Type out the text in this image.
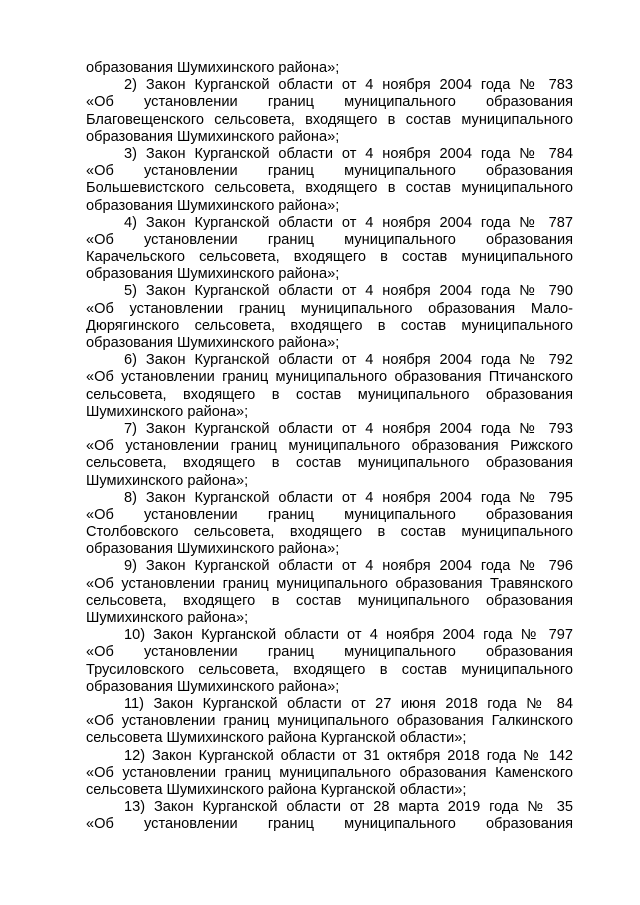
образования Шумихинского района»;
2) Закон Курганской области от 4 ноября 2004 года № 783
«Об установлении границ муниципального образования
Благовещенского сельсовета, входящего в состав муниципального
образования Шумихинского района»;
3) Закон Курганской области от 4 ноября 2004 года № 784
«Об установлении границ муниципального образования
Большевистского сельсовета, входящего в состав муниципального
образования Шумихинского района»;
4) Закон Курганской области от 4 ноября 2004 года № 787
«Об установлении границ муниципального образования
Карачельского сельсовета, входящего в состав муниципального
образования Шумихинского района»;
5) Закон Курганской области от 4 ноября 2004 года № 790
«Об установлении границ муниципального образования Мало-
Дюрягинского сельсовета, входящего в состав муниципального
образования Шумихинского района»;
6) Закон Курганской области от 4 ноября 2004 года № 792
«Об установлении границ муниципального образования Птичанского
сельсовета, входящего в состав муниципального образования
Шумихинского района»;
7) Закон Курганской области от 4 ноября 2004 года № 793
«Об установлении границ муниципального образования Рижского
сельсовета, входящего в состав муниципального образования
Шумихинского района»;
8) Закон Курганской области от 4 ноября 2004 года № 795
«Об установлении границ муниципального образования
Столбовского сельсовета, входящего в состав муниципального
образования Шумихинского района»;
9) Закон Курганской области от 4 ноября 2004 года № 796
«Об установлении границ муниципального образования Травянского
сельсовета, входящего в состав муниципального образования
Шумихинского района»;
10) Закон Курганской области от 4 ноября 2004 года № 797
«Об установлении границ муниципального образования
Трусиловского сельсовета, входящего в состав муниципального
образования Шумихинского района»;
11) Закон Курганской области от 27 июня 2018 года № 84
«Об установлении границ муниципального образования Галкинского
сельсовета Шумихинского района Курганской области»;
12) Закон Курганской области от 31 октября 2018 года № 142
«Об установлении границ муниципального образования Каменского
сельсовета Шумихинского района Курганской области»;
13) Закон Курганской области от 28 марта 2019 года № 35
«Об установлении границ муниципального образования
